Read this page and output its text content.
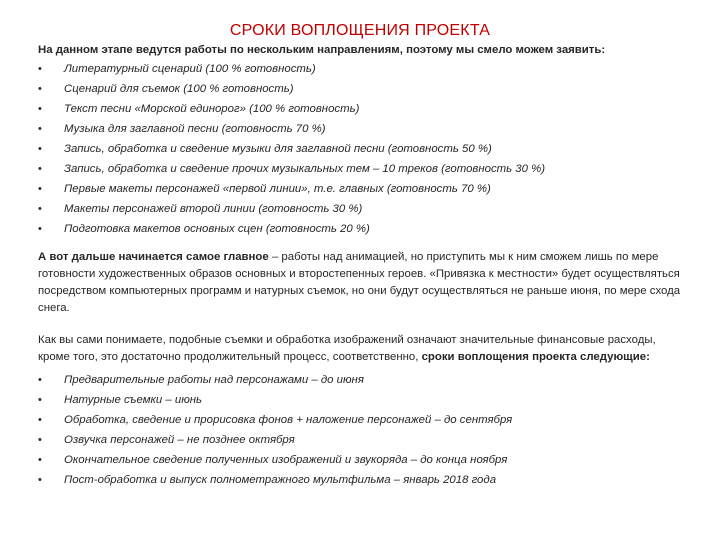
СРОКИ ВОПЛОЩЕНИЯ ПРОЕКТА

На данном этапе ведутся работы по нескольким направлениям, поэтому мы смело можем заявить:

• Литературный сценарий (100 % готовность)
• Сценарий для съемок (100 % готовность)
• Текст песни «Морской единорог» (100 % готовность)
• Музыка для заглавной песни (готовность 70 %)
• Запись, обработка и сведение музыки для заглавной песни (готовность 50 %)
• Запись, обработка и сведение прочих музыкальных тем – 10 треков (готовность 30 %)
• Первые макеты персонажей «первой линии», т.е. главных (готовность 70 %)
• Макеты персонажей второй линии (готовность 30 %)
• Подготовка макетов основных сцен (готовность 20 %)

А вот дальше начинается самое главное – работы над анимацией, но приступить мы к ним сможем лишь по мере готовности художественных образов основных и второстепенных героев. «Привязка к местности» будет осуществляться посредством компьютерных программ и натурных съемок, но они будут осуществляться не раньше июня, по мере схода снега.

Как вы сами понимаете, подобные съемки и обработка изображений означают значительные финансовые расходы, кроме того, это достаточно продолжительный процесс, соответственно, сроки воплощения проекта следующие:

• Предварительные работы над персонажами – до июня
• Натурные съемки – июнь
• Обработка, сведение и прорисовка фонов + наложение персонажей – до сентября
• Озвучка персонажей – не позднее октября
• Окончательное сведение полученных изображений и звукоряда – до конца ноября
• Пост-обработка и выпуск полнометражного мультфильма – январь 2018 года
